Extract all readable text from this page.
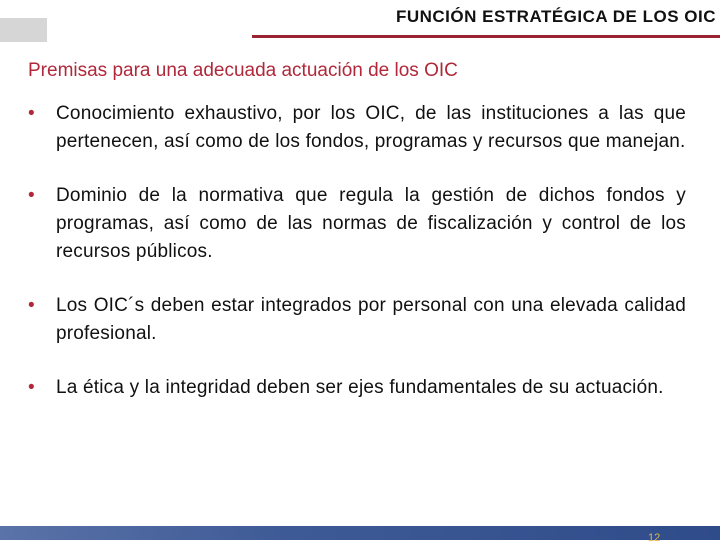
FUNCIÓN ESTRATÉGICA DE LOS OIC
Premisas para una adecuada actuación de los OIC
• Conocimiento exhaustivo, por los OIC, de las instituciones a las que pertenecen, así como de los fondos, programas y recursos que manejan.
• Dominio de la normativa que regula la gestión de dichos fondos y programas, así como de las normas de fiscalización y control de los recursos públicos.
• Los OIC´s deben estar integrados por personal con una elevada calidad profesional.
• La ética y la integridad deben ser ejes fundamentales de su actuación.
12
